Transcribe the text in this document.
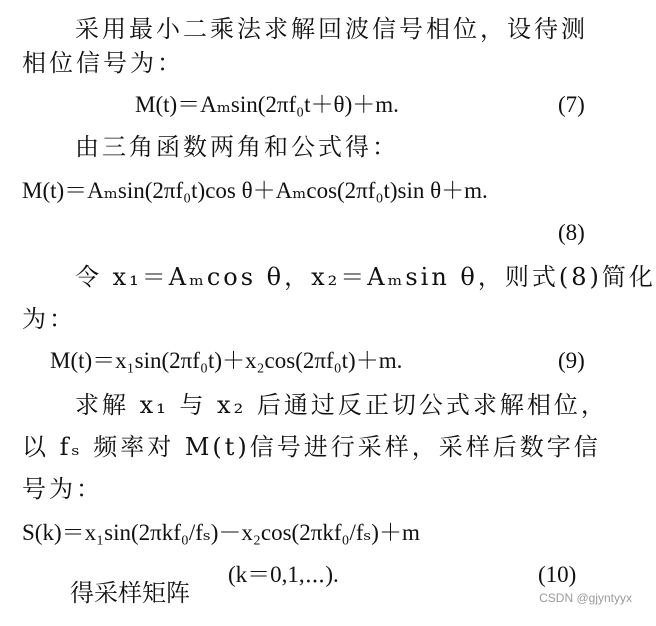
采用最小二乘法求解回波信号相位，设待测
相位信号为：
M(t)＝Aₘsin(2πf₀t＋θ)＋m.	(7)
由三角函数两角和公式得：
M(t)＝Aₘsin(2πf₀t)cos θ＋Aₘcos(2πf₀t)sin θ＋m.
(8)
令 x₁＝Aₘcos θ，x₂＝Aₘsin θ，则式(8)简化
为：
M(t)＝x₁sin(2πf₀t)＋x₂cos(2πf₀t)＋m.	(9)
求解 x₁ 与 x₂ 后通过反正切公式求解相位，
以 fₛ 频率对 M(t)信号进行采样，采样后数字信
号为：
S(k)＝x₁sin(2πkf₀/fₛ)－x₂cos(2πkf₀/fₛ)＋m
(k＝0,1,⋯).	(10)
得采样矩阵	CSDN @gjyntyyx
